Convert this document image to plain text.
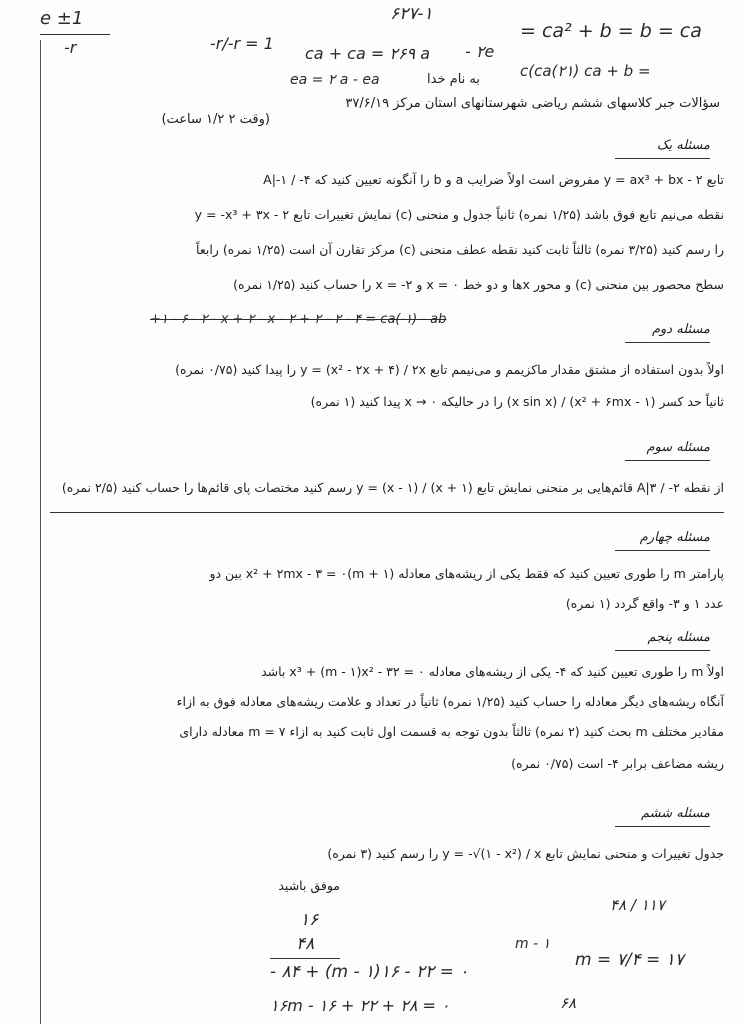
e ±1
-r	-r/-r = 1
۶۲۷-۱
= ca² + b = b = ca
ca + ca = ۲۶۹ a - ۲e
c(ca(۲۱) ca + b =
ea = ۲ a - ea	به نام خدا
سؤالات جبر کلاسهای ششم ریاضی شهرستانهای استان مرکز ۳۷/۶/۱۹
(وقت ۲ ۱/۲ ساعت)
مسئله یک
تابع y = ax³ + bx - ۲ مفروض است اولاً ضرایب a و b را آنگونه تعیین کنید که A|-۱ / -۴
نقطه می‌نیم تابع فوق باشد (۱/۲۵ نمره) ثانیاً جدول و منحنی (c) نمایش تغییرات تابع y = -x³ + ۳x - ۲
را رسم کنید (۳/۲۵ نمره) ثالثاً ثابت کنید نقطه عطف منحنی (c) مرکز تقارن آن است (۱/۲۵ نمره) رابعاً
سطح محصور بین منحنی (c) و محور xها و دو خط x = ۰ و x = -۲ را حساب کنید (۱/۲۵ نمره)
+۱ - ۶ - ۲ - x + ۲ - x - ۲ + ۲ - ۲ - ۴ = ca(-۱) - ab
مسئله دوم
اولاً بدون استفاده از مشتق مقدار ماکزیمم و می‌نیمم تابع y = (x² - ۲x + ۴) / ۲x را پیدا کنید (۰/۷۵ نمره)
ثانیاً حد کسر (x² + ۶mx - ۱) / (x sin x) را در حالیکه x → ۰ پیدا کنید (۱ نمره)
مسئله سوم
از نقطه A|۳ / -۲ قائم‌هایی بر منحنی نمایش تابع y = (x - ۱) / (x + ۱) رسم کنید مختصات پای قائم‌ها را حساب کنید (۲/۵ نمره)
مسئله چهارم
پارامتر m را طوری تعیین کنید که فقط یکی از ریشه‌های معادله (m + ۱)x² + ۲mx - ۳ = ۰ بین دو
عدد ۱ و ۳- واقع گردد (۱ نمره)
مسئله پنجم
اولاً m را طوری تعیین کنید که ۴- یکی از ریشه‌های معادله x³ + (m - ۱)x² - ۳۲ = ۰ باشد
آنگاه ریشه‌های دیگر معادله را حساب کنید (۱/۲۵ نمره) ثانیاً در تعداد و علامت ریشه‌های معادله فوق به ازاء
مقادیر مختلف m بحث کنید (۲ نمره) ثالثاً بدون توجه به قسمت اول ثابت کنید به ازاء m = ۷ معادله دارای
ریشه مضاعف برابر ۴- است (۰/۷۵ نمره)
مسئله ششم
جدول تغییرات و منحنی نمایش تابع y = -√(۱ - x²) / x را رسم کنید (۳ نمره)
موفق باشید
۱۶
۴۸
- ۸۴ + (m - ۱)۱۶ - ۲۲ = ۰
m - ۱
۴۸ / ۱۱۷
m = ۷/۴ = ۱۷
۱۶m - ۱۶ + ۲۲ + ۲۸ = ۰	۶۸
